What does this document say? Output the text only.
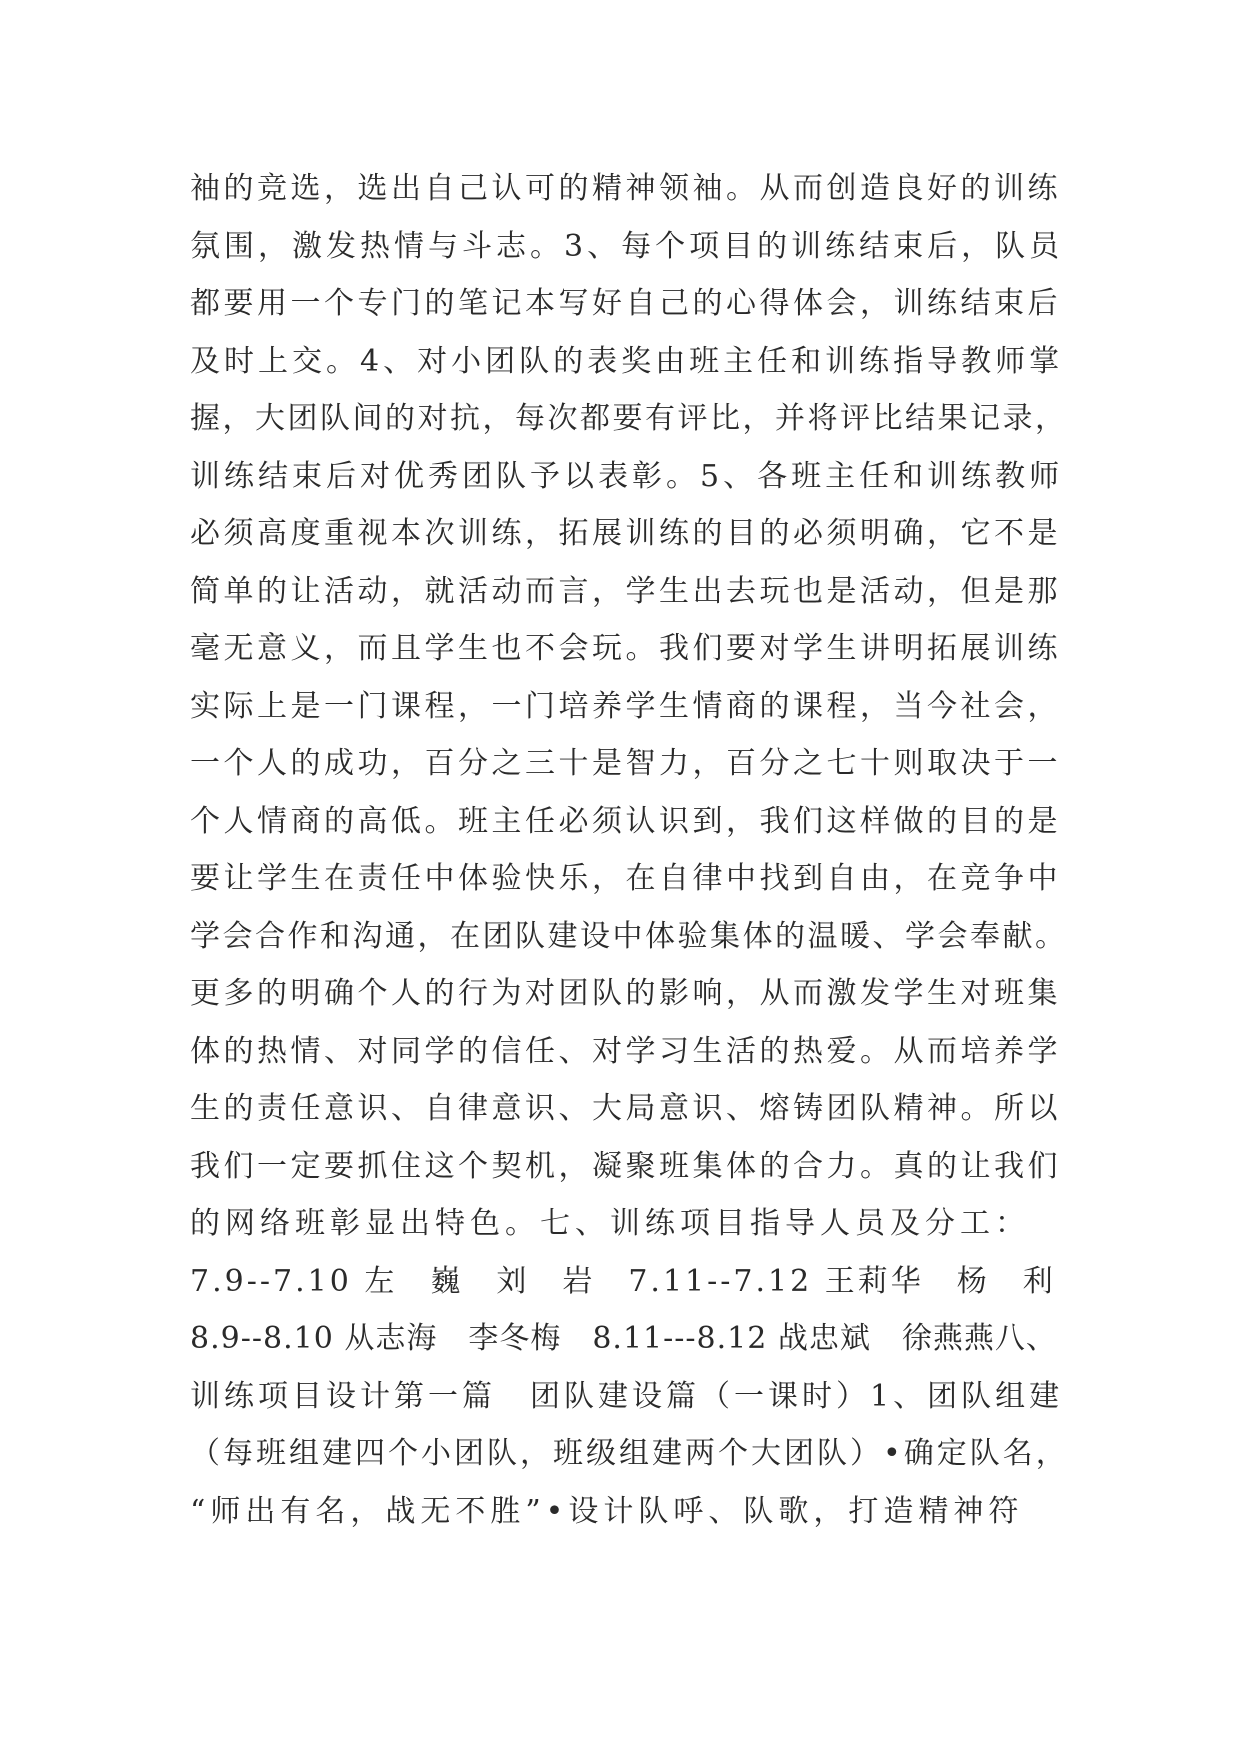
袖的竞选，选出自己认可的精神领袖。从而创造良好的训练
氛围，激发热情与斗志。3、每个项目的训练结束后，队员
都要用一个专门的笔记本写好自己的心得体会，训练结束后
及时上交。4、对小团队的表奖由班主任和训练指导教师掌
握，大团队间的对抗，每次都要有评比，并将评比结果记录，
训练结束后对优秀团队予以表彰。5、各班主任和训练教师
必须高度重视本次训练，拓展训练的目的必须明确，它不是
简单的让活动，就活动而言，学生出去玩也是活动，但是那
毫无意义，而且学生也不会玩。我们要对学生讲明拓展训练
实际上是一门课程，一门培养学生情商的课程，当今社会，
一个人的成功，百分之三十是智力，百分之七十则取决于一
个人情商的高低。班主任必须认识到，我们这样做的目的是
要让学生在责任中体验快乐，在自律中找到自由，在竞争中
学会合作和沟通，在团队建设中体验集体的温暖、学会奉献。
更多的明确个人的行为对团队的影响，从而激发学生对班集
体的热情、对同学的信任、对学习生活的热爱。从而培养学
生的责任意识、自律意识、大局意识、熔铸团队精神。所以
我们一定要抓住这个契机，凝聚班集体的合力。真的让我们
的网络班彰显出特色。七、训练项目指导人员及分工：
7.9--7.10 左　巍　刘　岩　7.11--7.12 王莉华　杨　利
8.9--8.10 从志海　李冬梅　8.11---8.12 战忠斌　徐燕燕八、
训练项目设计第一篇　团队建设篇（一课时）1、团队组建
（每班组建四个小团队，班级组建两个大团队）•确定队名，
“师出有名，战无不胜”•设计队呼、队歌，打造精神符
